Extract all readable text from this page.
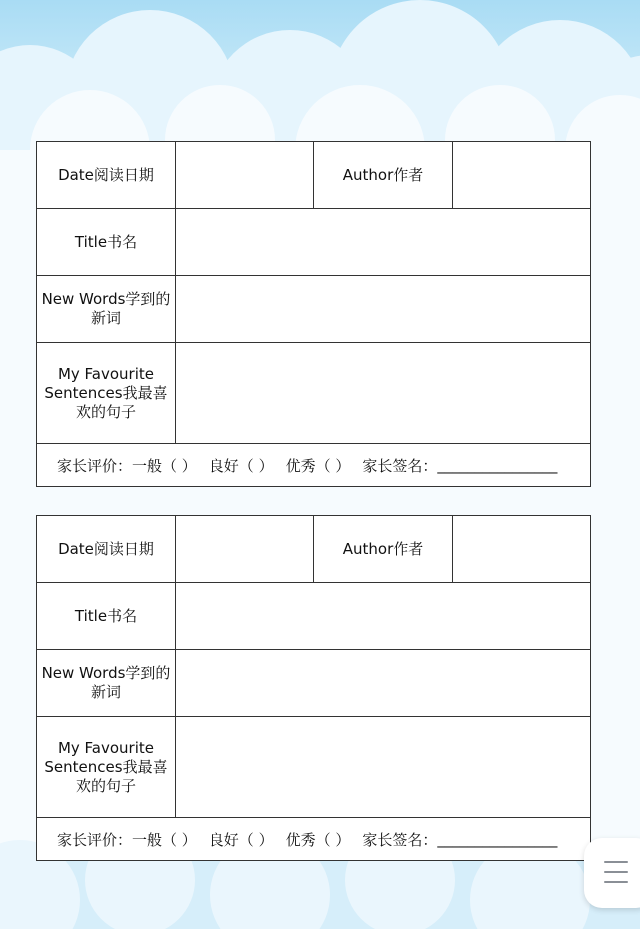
Date阅读日期	Author作者
Title书名
New Words学到的新词
My Favourite Sentences我最喜欢的句子
家长评价： 一般（ ） 良好（ ） 优秀（ ） 家长签名： ________________
Date阅读日期	Author作者
Title书名
New Words学到的新词
My Favourite Sentences我最喜欢的句子
家长评价： 一般（ ） 良好（ ） 优秀（ ） 家长签名： ________________
